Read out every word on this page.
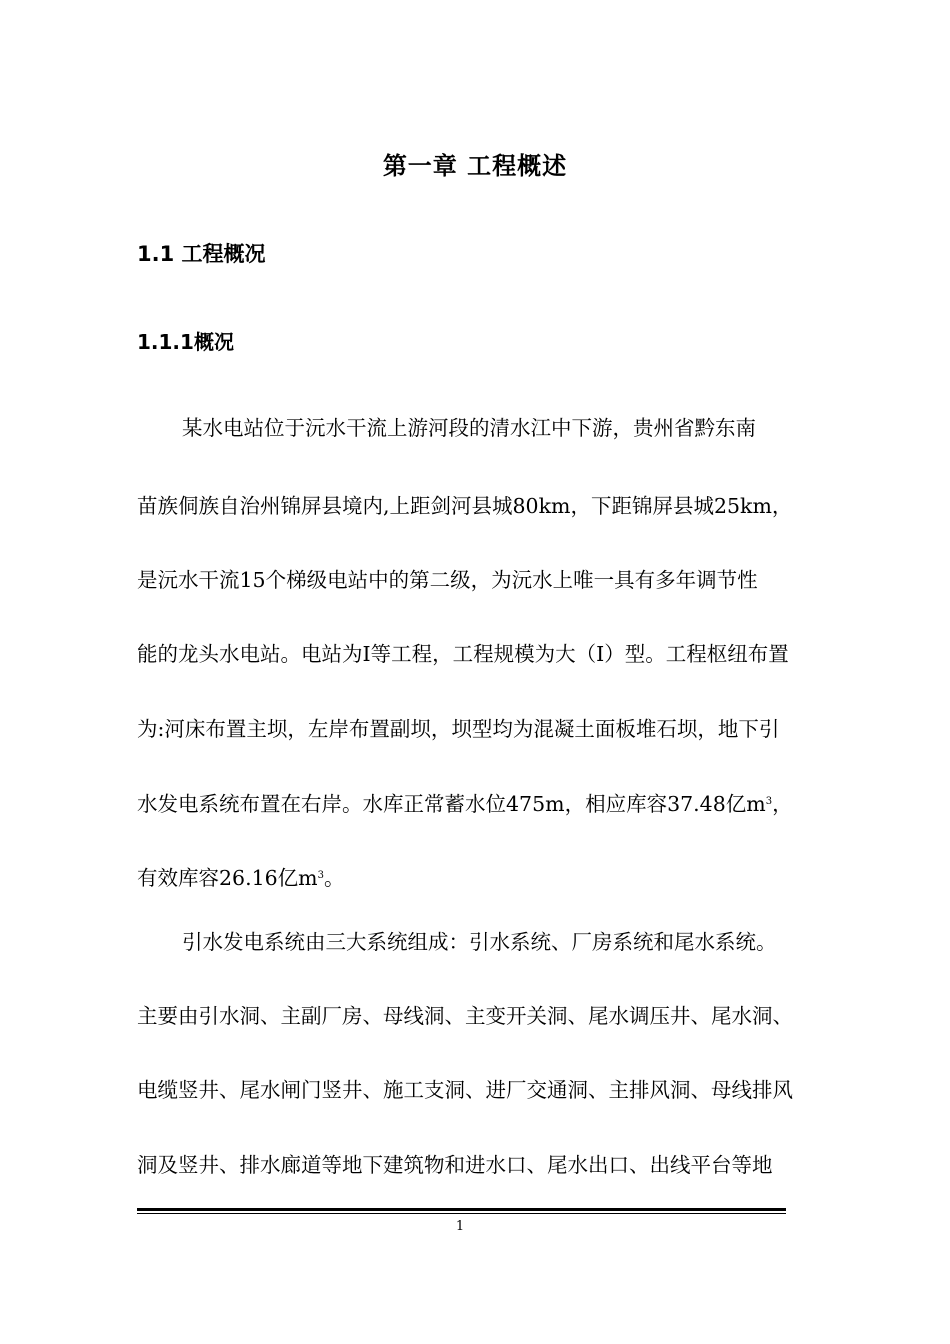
第一章 工程概述
1.1 工程概况
1.1.1概况
某水电站位于沅水干流上游河段的清水江中下游，贵州省黔东南
苗族侗族自治州锦屏县境内,上距剑河县城80km，下距锦屏县城25km，
是沅水干流15个梯级电站中的第二级，为沅水上唯一具有多年调节性
能的龙头水电站。电站为I等工程，工程规模为大（I）型。工程枢纽布置
为:河床布置主坝，左岸布置副坝，坝型均为混凝土面板堆石坝，地下引
水发电系统布置在右岸。水库正常蓄水位475m，相应库容37.48亿$m^3$，
有效库容26.16亿$m^3$。
引水发电系统由三大系统组成：引水系统、厂房系统和尾水系统。
主要由引水洞、主副厂房、母线洞、主变开关洞、尾水调压井、尾水洞、
电缆竖井、尾水闸门竖井、施工支洞、进厂交通洞、主排风洞、母线排风
洞及竖井、排水廊道等地下建筑物和进水口、尾水出口、出线平台等地
1
